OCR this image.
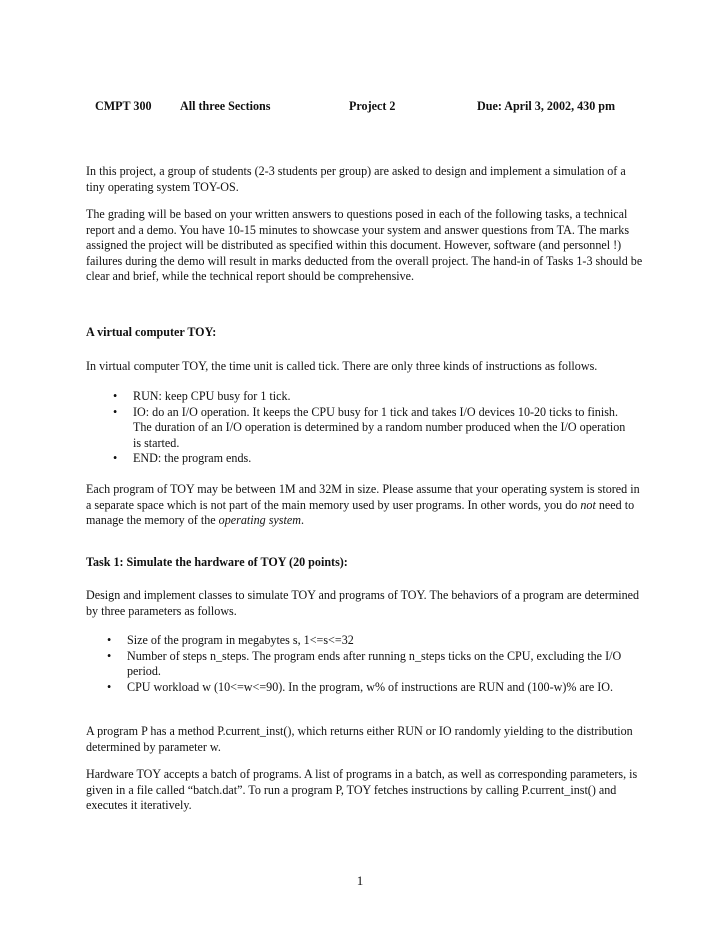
CMPT 300 All three Sections	Project 2	Due: April 3, 2002, 430 pm

In this project, a group of students (2-3 students per group) are asked to design and implement a simulation of a tiny operating system TOY-OS.

The grading will be based on your written answers to questions posed in each of the following tasks, a technical report and a demo. You have 10-15 minutes to showcase your system and answer questions from TA. The marks assigned the project will be distributed as specified within this document. However, software (and personnel !) failures during the demo will result in marks deducted from the overall project. The hand-in of Tasks 1-3 should be clear and brief, while the technical report should be comprehensive.

A virtual computer TOY:

In virtual computer TOY, the time unit is called tick. There are only three kinds of instructions as follows.

• RUN: keep CPU busy for 1 tick.
• IO: do an I/O operation. It keeps the CPU busy for 1 tick and takes I/O devices 10-20 ticks to finish. The duration of an I/O operation is determined by a random number produced when the I/O operation is started.
• END: the program ends.

Each program of TOY may be between 1M and 32M in size. Please assume that your operating system is stored in a separate space which is not part of the main memory used by user programs. In other words, you do not need to manage the memory of the operating system.

Task 1: Simulate the hardware of TOY (20 points):

Design and implement classes to simulate TOY and programs of TOY. The behaviors of a program are determined by three parameters as follows.

• Size of the program in megabytes s, 1<=s<=32
• Number of steps n_steps. The program ends after running n_steps ticks on the CPU, excluding the I/O period.
• CPU workload w (10<=w<=90). In the program, w% of instructions are RUN and (100-w)% are IO.

A program P has a method P.current_inst(), which returns either RUN or IO randomly yielding to the distribution determined by parameter w.

Hardware TOY accepts a batch of programs. A list of programs in a batch, as well as corresponding parameters, is given in a file called “batch.dat”. To run a program P, TOY fetches instructions by calling P.current_inst() and executes it iteratively.

1
